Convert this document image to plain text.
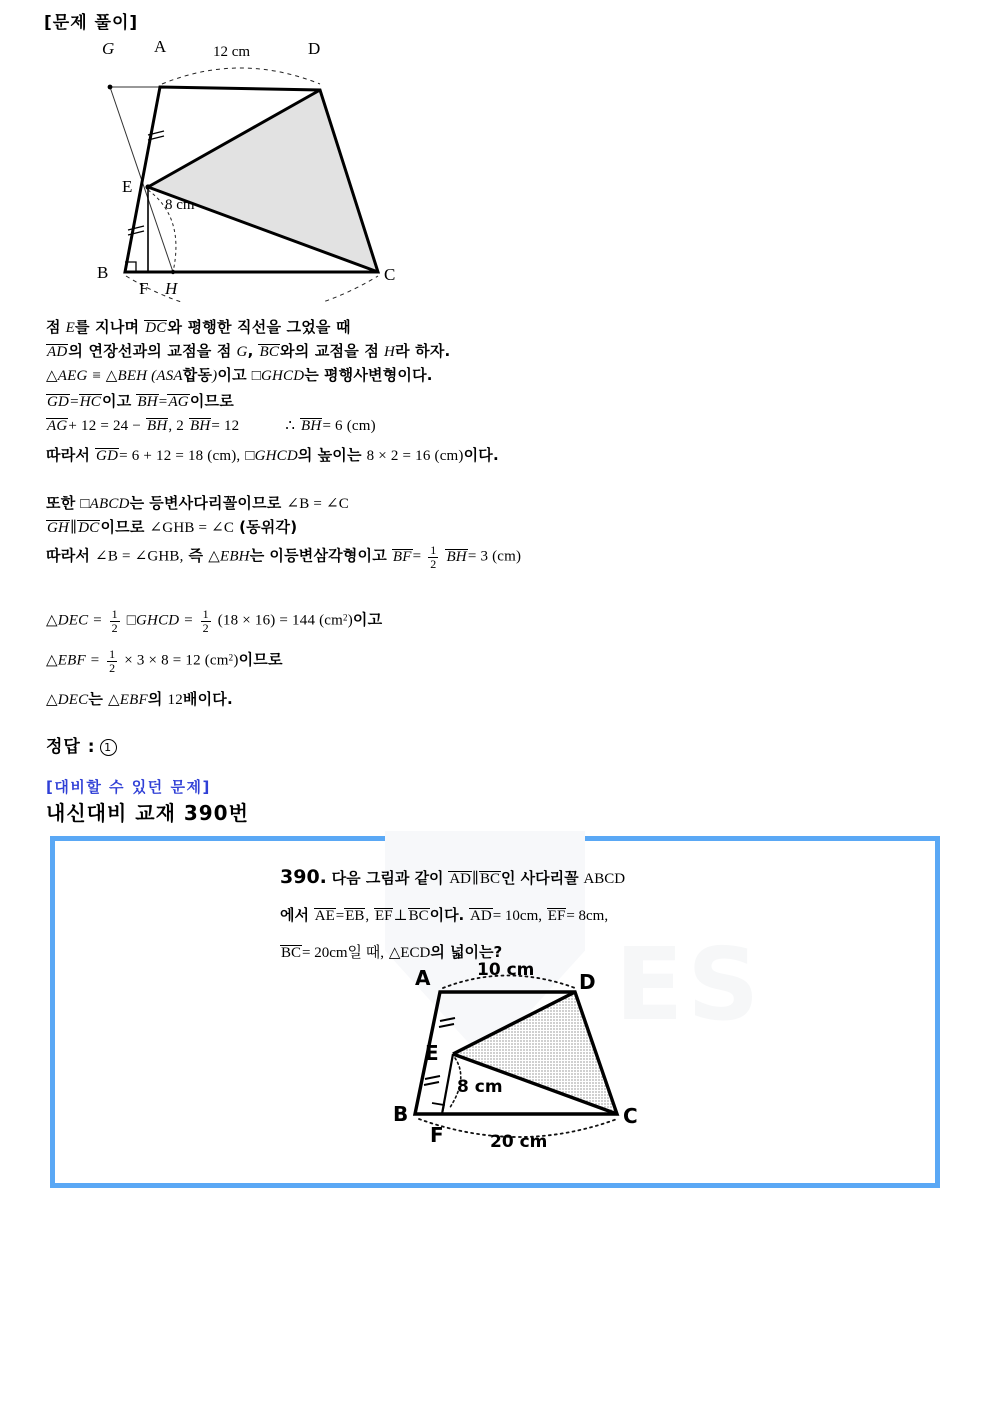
[문제 풀이]
G A	D
E
B
F H
C
12 cm
8 cm
점 E를 지나며 DC와 평행한 직선을 그었을 때
AD의 연장선과의 교점을 점 G, BC와의 교점을 점 H라 하자.
△AEG ≡ △BEH (ASA합동)이고 □GHCD는 평행사변형이다.
GD=HC이고 BH=AG이므로
AG+ 12 = 24 − BH, 2 BH= 12	∴ BH= 6 (cm)
따라서 GD= 6 + 12 = 18 (cm), □GHCD의 높이는 8 × 2 = 16 (cm)이다.
또한 □ABCD는 등변사다리꼴이므로 ∠B = ∠C
GH∥DC이므로 ∠GHB = ∠C (동위각)
따라서 ∠B = ∠GHB, 즉 △EBH는 이등변삼각형이고 $BF= \frac{1}{2} BH= 3$ (cm)
△DEC = $\frac{1}{2}$ □GHCD = $\frac{1}{2} (18 \times 16) = 144$ $(cm^2)$이고
△EBF = $\frac{1}{2} \times 3 \times 8 = 12$ $(cm^2)$이므로
△DEC는 △EBF의 12배이다.
정답 : 1
[대비할 수 있던 문제]
내신대비 교재 390번
ES
390. 다음 그림과 같이 AD∥BC인 사다리꼴 ABCD
에서 AE=EB, EF⊥BC이다. AD= 10cm, EF= 8cm,
BC= 20cm일 때, △ECD의 넓이는?
A	D
E
B
F
C
10 cm
8 cm
20 cm
